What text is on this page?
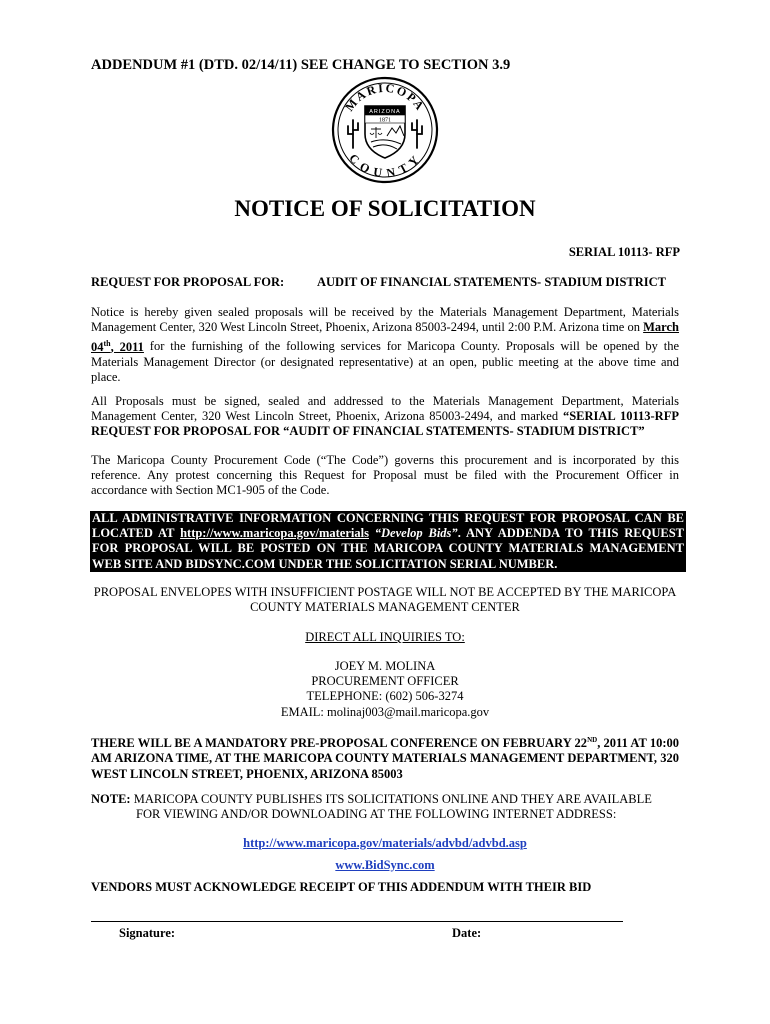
ADDENDUM #1 (DTD. 02/14/11) SEE CHANGE TO SECTION 3.9
MARICOPA
COUNTY
ARIZONA
1871
NOTICE OF SOLICITATION
SERIAL 10113- RFP
REQUEST FOR PROPOSAL FOR:	AUDIT OF FINANCIAL STATEMENTS- STADIUM DISTRICT

Notice is hereby given sealed proposals will be received by the Materials Management Department, Materials Management Center, 320 West Lincoln Street, Phoenix, Arizona 85003-2494, until 2:00 P.M. Arizona time on March 04th, 2011 for the furnishing of the following services for Maricopa County. Proposals will be opened by the Materials Management Director (or designated representative) at an open, public meeting at the above time and place.

All Proposals must be signed, sealed and addressed to the Materials Management Department, Materials Management Center, 320 West Lincoln Street, Phoenix, Arizona 85003-2494, and marked “SERIAL 10113-RFP REQUEST FOR PROPOSAL FOR “AUDIT OF FINANCIAL STATEMENTS- STADIUM DISTRICT”

The Maricopa County Procurement Code (“The Code”) governs this procurement and is incorporated by this reference. Any protest concerning this Request for Proposal must be filed with the Procurement Officer in accordance with Section MC1-905 of the Code.

ALL ADMINISTRATIVE INFORMATION CONCERNING THIS REQUEST FOR PROPOSAL CAN BE LOCATED AT http://www.maricopa.gov/materials “Develop Bids”. ANY ADDENDA TO THIS REQUEST FOR PROPOSAL WILL BE POSTED ON THE MARICOPA COUNTY MATERIALS MANAGEMENT WEB SITE AND BIDSYNC.COM UNDER THE SOLICITATION SERIAL NUMBER.
PROPOSAL ENVELOPES WITH INSUFFICIENT POSTAGE WILL NOT BE ACCEPTED BY THE MARICOPA COUNTY MATERIALS MANAGEMENT CENTER
DIRECT ALL INQUIRIES TO:
JOEY M. MOLINA
PROCUREMENT OFFICER
TELEPHONE: (602) 506-3274
EMAIL: molinaj003@mail.maricopa.gov

THERE WILL BE A MANDATORY PRE-PROPOSAL CONFERENCE ON FEBRUARY 22ND, 2011 AT 10:00 AM ARIZONA TIME, AT THE MARICOPA COUNTY MATERIALS MANAGEMENT DEPARTMENT, 320 WEST LINCOLN STREET, PHOENIX, ARIZONA 85003

NOTE: MARICOPA COUNTY PUBLISHES ITS SOLICITATIONS ONLINE AND THEY ARE AVAILABLE
FOR VIEWING AND/OR DOWNLOADING AT THE FOLLOWING INTERNET ADDRESS:
http://www.maricopa.gov/materials/advbd/advbd.asp
www.BidSync.com
VENDORS MUST ACKNOWLEDGE RECEIPT OF THIS ADDENDUM WITH THEIR BID
Signature:	Date:
